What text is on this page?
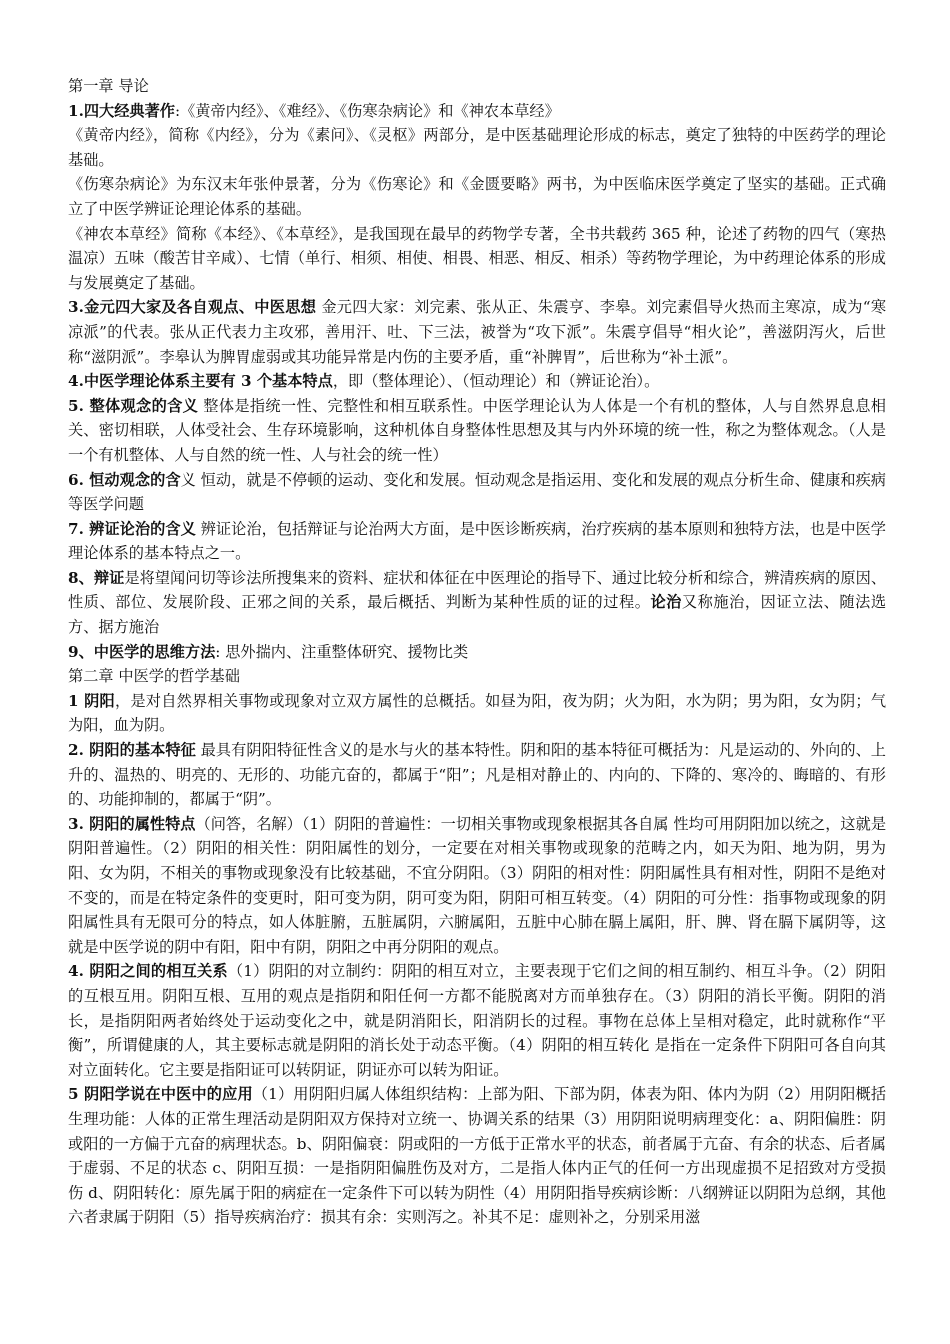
第一章 导论

1.四大经典著作:《黄帝内经》、《难经》、《伤寒杂病论》和《神农本草经》

《黄帝内经》，简称《内经》，分为《素问》、《灵枢》两部分，是中医基础理论形成的标志，奠定了独特的中医药学的理论基础。

《伤寒杂病论》为东汉末年张仲景著，分为《伤寒论》和《金匮要略》两书，为中医临床医学奠定了坚实的基础。正式确立了中医学辨证论理论体系的基础。

《神农本草经》简称《本经》、《本草经》，是我国现在最早的药物学专著，全书共载药 365 种，论述了药物的四气（寒热温凉）五味（酸苦甘辛咸）、七情（单行、相须、相使、相畏、相恶、相反、相杀）等药物学理论，为中药理论体系的形成与发展奠定了基础。

3.金元四大家及各自观点、中医思想 金元四大家：刘完素、张从正、朱震亨、李皋。刘完素倡导火热而主寒凉，成为“寒凉派”的代表。张从正代表力主攻邪，善用汗、吐、下三法，被誉为“攻下派”。朱震亨倡导“相火论”，善滋阴泻火，后世称“滋阴派”。李皋认为脾胃虚弱或其功能异常是内伤的主要矛盾，重“补脾胃”，后世称为“补土派”。

4.中医学理论体系主要有 3 个基本特点，即（整体理论）、（恒动理论）和（辨证论治）。

5. 整体观念的含义 整体是指统一性、完整性和相互联系性。中医学理论认为人体是一个有机的整体，人与自然界息息相关、密切相联，人体受社会、生存环境影响，这种机体自身整体性思想及其与内外环境的统一性，称之为整体观念。（人是一个有机整体、人与自然的统一性、人与社会的统一性）

6. 恒动观念的含义 恒动，就是不停顿的运动、变化和发展。恒动观念是指运用、变化和发展的观点分析生命、健康和疾病等医学问题

7. 辨证论治的含义 辨证论治，包括辩证与论治两大方面，是中医诊断疾病，治疗疾病的基本原则和独特方法，也是中医学理论体系的基本特点之一。

8、辩证是将望闻问切等诊法所搜集来的资料、症状和体征在中医理论的指导下、通过比较分析和综合，辨清疾病的原因、性质、部位、发展阶段、正邪之间的关系，最后概括、判断为某种性质的证的过程。论治又称施治，因证立法、随法选方、据方施治

9、中医学的思维方法: 思外揣内、注重整体研究、援物比类

第二章 中医学的哲学基础

1 阴阳，是对自然界相关事物或现象对立双方属性的总概括。如昼为阳，夜为阴；火为阳，水为阴；男为阳，女为阴；气为阳，血为阴。

2. 阴阳的基本特征 最具有阴阳特征性含义的是水与火的基本特性。阴和阳的基本特征可概括为：凡是运动的、外向的、上升的、温热的、明亮的、无形的、功能亢奋的，都属于“阳”；凡是相对静止的、内向的、下降的、寒冷的、晦暗的、有形的、功能抑制的，都属于“阴”。

3. 阴阳的属性特点（问答，名解）（1）阴阳的普遍性：一切相关事物或现象根据其各自属 性均可用阴阳加以统之，这就是阴阳普遍性。（2）阴阳的相关性：阴阳属性的划分，一定要在对相关事物或现象的范畴之内，如天为阳、地为阴，男为阳、女为阴，不相关的事物或现象没有比较基础，不宜分阴阳。（3）阴阳的相对性：阴阳属性具有相对性，阴阳不是绝对不变的，而是在特定条件的变更时，阳可变为阴，阴可变为阳，阴阳可相互转变。（4）阴阳的可分性：指事物或现象的阴阳属性具有无限可分的特点，如人体脏腑，五脏属阴，六腑属阳，五脏中心肺在膈上属阳，肝、脾、肾在膈下属阴等，这就是中医学说的阴中有阳，阳中有阴，阴阳之中再分阴阳的观点。

4. 阴阳之间的相互关系（1）阴阳的对立制约：阴阳的相互对立，主要表现于它们之间的相互制约、相互斗争。（2）阴阳的互根互用。阴阳互根、互用的观点是指阴和阳任何一方都不能脱离对方而单独存在。（3）阴阳的消长平衡。阴阳的消长，是指阴阳两者始终处于运动变化之中，就是阴消阳长，阳消阴长的过程。事物在总体上呈相对稳定，此时就称作“平衡”，所谓健康的人，其主要标志就是阴阳的消长处于动态平衡。（4）阴阳的相互转化 是指在一定条件下阴阳可各自向其对立面转化。它主要是指阳证可以转阴证，阴证亦可以转为阳证。

5 阴阳学说在中医中的应用（1）用阴阳归属人体组织结构：上部为阳、下部为阴，体表为阳、体内为阴（2）用阴阳概括生理功能：人体的正常生理活动是阴阳双方保持对立统一、协调关系的结果（3）用阴阳说明病理变化：a、阴阳偏胜：阴或阳的一方偏于亢奋的病理状态。b、阴阳偏衰：阴或阳的一方低于正常水平的状态，前者属于亢奋、有余的状态、后者属于虚弱、不足的状态 c、阴阳互损：一是指阴阳偏胜伤及对方，二是指人体内正气的任何一方出现虚损不足招致对方受损伤 d、阴阳转化：原先属于阳的病症在一定条件下可以转为阴性（4）用阴阳指导疾病诊断：八纲辨证以阴阳为总纲，其他六者隶属于阴阳（5）指导疾病治疗：损其有余：实则泻之。补其不足：虚则补之，分别采用滋
